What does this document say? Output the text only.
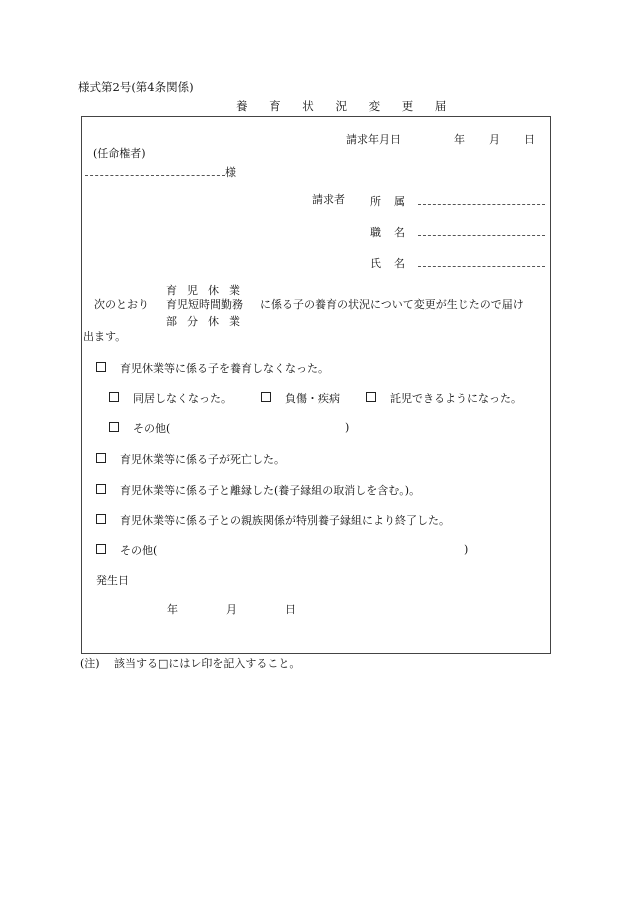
様式第2号(第4条関係)
養 育 状 況 変 更 届
請求年月日	年 月 日
(任命権者)
様
請求者 所属
職名
氏名
育児休業
次のとおり 育児短時間勤務 に係る子の養育の状況について変更が生じたので届け
部分休業
出ます。
育児休業等に係る子を養育しなくなった。
同居しなくなった。	負傷・疾病	託児できるようになった。
その他(	)
育児休業等に係る子が死亡した。
育児休業等に係る子と離縁した(養子縁組の取消しを含む。)。
育児休業等に係る子との親族関係が特別養子縁組により終了した。
その他(	)
発生日
年	月	日
(注) 該当する□にはレ印を記入すること。
